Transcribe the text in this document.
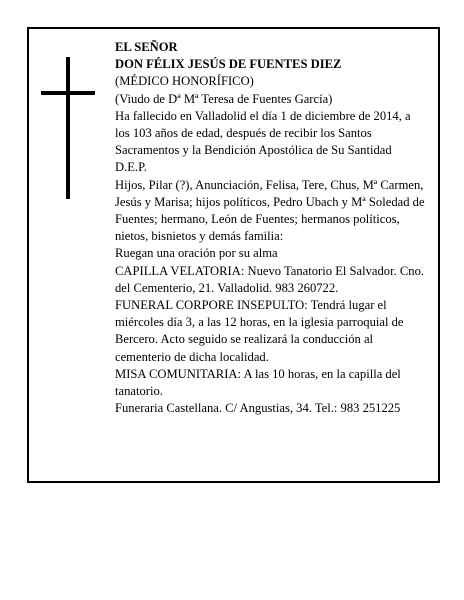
EL SEÑOR

DON FÉLIX JESÚS DE FUENTES DIEZ

(MÉDICO HONORÍFICO)

(Viudo de Dª Mª Teresa de Fuentes García)

Ha fallecido en Valladolid el día 1 de diciembre de 2014, a los 103 años de edad, después de recibir los Santos Sacramentos y la Bendición Apostólica de Su Santidad

D.E.P.

Hijos, Pilar (?), Anunciación, Felisa, Tere, Chus, Mª Carmen, Jesús y Marisa; hijos políticos, Pedro Ubach y Mª Soledad de Fuentes; hermano, León de Fuentes; hermanos políticos, nietos, bisnietos y demás familia:

Ruegan una oración por su alma

CAPILLA VELATORIA: Nuevo Tanatorio El Salvador. Cno. del Cementerio, 21. Valladolid. 983 260722.

FUNERAL CORPORE INSEPULTO: Tendrá lugar el miércoles día 3, a las 12 horas, en la iglesia parroquial de Bercero. Acto seguido se realizará la conducción al cementerio de dicha localidad.

MISA COMUNITARIA: A las 10 horas, en la capilla del tanatorio.

Funeraria Castellana. C/ Angustias, 34. Tel.: 983 251225
